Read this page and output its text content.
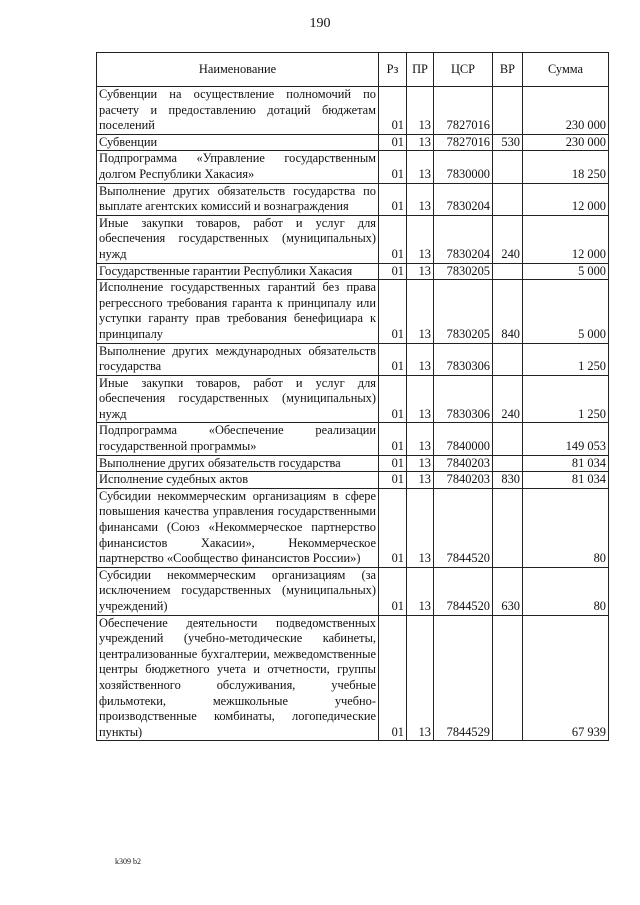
190
Наименование	Рз	ПР	ЦСР	ВР	Сумма
Субвенции на осуществление полномочий по расчету и предоставлению дотаций бюджетам поселений	01	13	7827016		230 000
Субвенции	01	13	7827016	530	230 000
Подпрограмма «Управление государственным долгом Республики Хакасия»	01	13	7830000		18 250
Выполнение других обязательств государства по выплате агентских комиссий и вознаграждения	01	13	7830204		12 000
Иные закупки товаров, работ и услуг для обеспечения государственных (муниципальных) нужд	01	13	7830204	240	12 000
Государственные гарантии Республики Хакасия	01	13	7830205		5 000
Исполнение государственных гарантий без права регрессного требования гаранта к принципалу или уступки гаранту прав требования бенефициара к принципалу	01	13	7830205	840	5 000
Выполнение других международных обязательств государства	01	13	7830306		1 250
Иные закупки товаров, работ и услуг для обеспечения государственных (муниципальных) нужд	01	13	7830306	240	1 250
Подпрограмма «Обеспечение реализации государственной программы»	01	13	7840000		149 053
Выполнение других обязательств государства	01	13	7840203		81 034
Исполнение судебных актов	01	13	7840203	830	81 034
Субсидии некоммерческим организациям в сфере повышения качества управления государственными финансами (Союз «Некоммерческое партнерство финансистов Хакасии», Некоммерческое партнерство «Сообщество финансистов России»)	01	13	7844520		80
Субсидии некоммерческим организациям (за исключением государственных (муниципальных) учреждений)	01	13	7844520	630	80
Обеспечение деятельности подведомственных учреждений (учебно-методические кабинеты, централизованные бухгалтерии, межведомственные центры бюджетного учета и отчетности, группы хозяйственного обслуживания, учебные фильмотеки, межшкольные учебно-производственные комбинаты, логопедические пункты)	01	13	7844529		67 939
k309 b2
